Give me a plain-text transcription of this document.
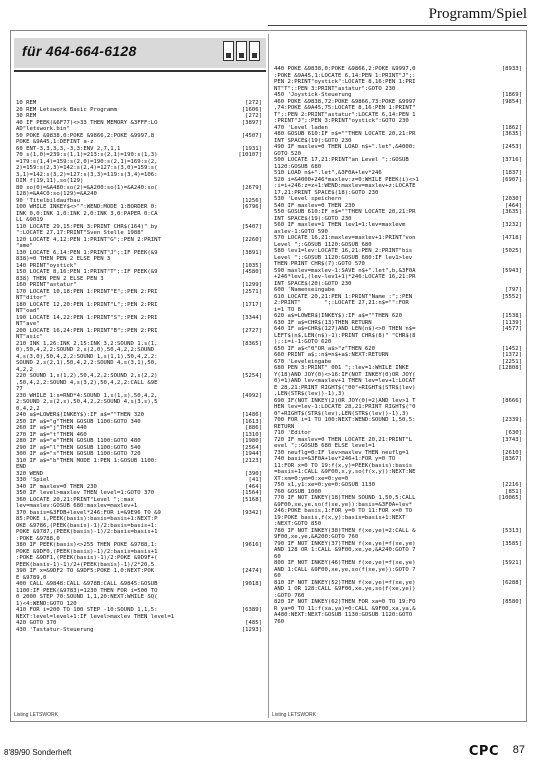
Programm/Spiel
für 464-664-6128
10 REM	[272]
20 REM Letswork Basic Programm	[1606]
30 REM	[272]
40 IF PEEK(&6F77)<>33 THEN MEMORY &3FFF:LO	[3897]
AD"letswork.bin"
50 POKE &9838,0:POKE &9866,2:POKE &9997,8	[4507]
POKE &9A45,1:DEFINT a-z
60 ENT-3,3,3,3,-3,3:ENV 2,7,1,1	[1931]
70 s(1,0)=239:s(1,1)=213:s(2,1)=190:s(1,3)	[10107]
=179:s(1,4)=159:s(2,0)=190:s(2,1)=169:s(2,
2)=159:s(2,3)=142:s(2,4)=127:s(3,0)=159:s(
3,1)=142:s(3,2)=127:s(3,3)=119:s(3,4)=106:
DIM f(19,11),so(129)
80 so(0)=&A480:so(2)=&A200:so(1)=&A240:so(	[2679]
128)=&A4C0:so(129)=&A240
90 'Titelbildaufbau	[1256]
100 WHILE INKEY$<>"":WEND:MODE 1:BORDER 0:	[6796]
INK 0,0:INK 1,0:INK 2,0:INK 3,0:PAPER 0:CA
LL &9019
110 LOCATE 29,15:PEN 3:PRINT CHR$(164)" by	[5407]
":LOCATE 27,17:PRINT"Sven Stelle 1988"
120 LOCATE 4,12:PEN 1:PRINT"G";:PEN 2:PRINT	[2260]
"ame"
130 LOCATE 6,14:PEN 1:PRINT"J";:IF PEEK(&9	[3891]
838)=0 THEN PEN 2 ELSE PEN 3
140 PRINT"oystick"	[1035]
150 LOCATE 8,16:PEN 1:PRINT"T";:IF PEEK(&9	[4580]
838) THEN PEN 2 ELSE PEN 3
160 PRINT"astatur"	[1299]
170 LOCATE 10,18:PEN 1:PRINT"E";:PEN 2:PRI	[2571]
NT"ditor"
180 LOCATE 12,20:PEN 1:PRINT"L";:PEN 2:PRI	[1717]
NT"oad"
190 LOCATE 14,22:PEN 1:PRINT"S";:PEN 2:PRI	[3344]
NT"ave"
200 LOCATE 16,24:PEN 1:PRINT"B";:PEN 2:PRI	[2727]
NT"asic"
210 INK 1,26:INK 2,15:INK 3,2:SOUND 1,s(1,	[8365]
0),50,4,2,2:SOUND 2,s(2,0),50,4,2,2:SOUND
4,s(3,0),50,4,2,2:SOUND 1,s(1,1),50,4,2,2:
SOUND 2,s(2,1),50,4,2,2:SOUND 4,s(3,1),50,
4,2,2
220 SOUND 1,s(1,2),50,4,2,2:SOUND 2,s(2,2)	[5254]
,50,4,2,2:SOUND 4,s(3,2),50,4,2,2:CALL &9E
77
230 WHILE 1:s=RND*4:SOUND 1,s(1,s),50,4,2,	[4992]
2:SOUND 2,s(2,s),50,4,2,2:SOUND 4,s(3,s),5
0,4,2,2
240 a$=LOWER$(INKEY$):IF a$=""THEN 320	[1486]
250 IF a$="g"THEN GOSUB 1100:GOTO 340	[1613]
260 IF a$="j"THEN 440	[886]
270 IF a$="t"THEN 460	[1310]
280 IF a$="e"THEN GOSUB 1100:GOTO 480	[1980]
290 IF a$="l"THEN GOSUB 1100:GOTO 540	[2564]
300 IF a$="s"THEN GOSUB 1100:GOTO 720	[1944]
310 IF a$="b"THEN MODE 1:PEN 1:GOSUB 1100:	[2123]
END
320 WEND	[390]
330 'Spiel	[41]
340 IF maxlev=0 THEN 230	[464]
350 IF level>maxlev THEN level=1:GOTO 370	[1564]
360 LOCATE 20,21:PRINT"Level ";:max	[5168]
lev=maxlev:GOSUB 680:maxlev=maxlev+1
370 basis=&3FDB+level*246:FOR i=&9E96 TO &9	[9342]
85:POKE i,PEEK(basis):basis=basis+1:NEXT:P
OKE &9786,(PEEK(basis)-1)/2:basis=basis+1:
POKE &9787,(PEEK(basis)-1)/2:basis=basis+1
:POKE &9788,0
380 IF PEEK(basis)<>255 THEN POKE &9788,1:	[9616]
POKE &9DF0,(PEEK(basis)-1)/2:basis=basis+1
:POKE &9DF1,(PEEK(basis)-1)/2:POKE &9D9F+(
PEEK(basis-1)-1)/2+(PEEK(basis)-1)/2*20,5
390 IF x=&9DF2 TO &9DF5:POKE 1,0:NEXT:POK	[2474]
E &9789,0
400 CALL &9848:CALL &978B:CALL &9845:GOSUB	[9018]
1100:IF PEEK(&9783)=1230 THEN FOR i=500 TO
0 2000 STEP 70:SOUND 1,1,20:NEXT:WHILE SQ(
1)<4:WEND:GOTO 120
410 FOR i=200 TO 100 STEP -10:SOUND 1,1,5:	[6389]
NEXT:level=level+1:IF level>maxlev THEN level=1
420 GOTO 370	[485]
430 'Tastatur-Steuerung	[1293]
440 POKE &9838,0:POKE &9866,2:POKE &9997,0	[8933]
:POKE &9A45,1:LOCATE 6,14:PEN 1:PRINT"J";:
PEN 2:PRINT"oystick":LOCATE 8,16:PEN 1:PRI
NT"T";:PEN 3:PRINT"astatur":GOTO 230
450 'Joystick-Steuerung	[1869]
460 POKE &9838,72:POKE &9866,73:POKE &9997	[9854]
,74:POKE &9A45,75:LOCATE 8,16:PEN 1:PRINT"
T";:PEN 2:PRINT"astatur":LOCATE 6,14:PEN 1
:PRINT"J";:PEN 3:PRINT"oystick":GOTO 230
470 'Level laden	[1862]
480 GOSUB 610:IF n$=""THEN LOCATE 20,21:PR	[3635]
INT SPACE$(19):GOTO 230
490 IF maxlev=0 THEN LOAD n$+".let",&4000:	[2453]
GOTO 520
500 LOCATE 17,21:PRINT"an Level ";:GOSUB	[3716]
1120:GOSUB 680
510 LOAD n$+".let",&3F0A+lev*246	[1837]
520 i=&4000+246*maxlev:z=0:WHILE PEEK(i)<>1	[6907]
:i=i+246:z=z+1:WEND:maxlev=maxlev+z:LOCATE
17,21:PRINT SPACE$(18):GOTO 230
530 'Level speichern	[2030]
540 IF maxlev=0 THEN 230	[464]
550 GOSUB 610:IF n$=""THEN LOCATE 20,21:PR	[3635]
INT SPACE$(19):GOTO 230
560 IF maxlev=1 THEN lev1=1:lev=maxlevm	[3232]
axlev-1:GOTO 590
570 LOCATE 16,21:maxlev=maxlev+1:PRINT"von	[4718]
Level ";:GOSUB 1120:GOSUB 680
580 lev1=lev:LOCATE 16,21:PEN 2:PRINT"bis	[5025]
Level ";:GOSUB 1120:GOSUB 680:IF lev1>lev
THEN PRINT CHR$(7):GOTO 570
590 maxlev=maxlev-1:SAVE n$+".let",b,&3F0A	[5943]
+246*lev1,(lev-lev1+1)*246:LOCATE 16,21:PR
INT SPACE$(20):GOTO 230
600 'Namenseingabe	[797]
610 LOCATE 20,21:PEN 1:PRINT"Name :";:PEN	[5552]
2:PRINT"       ";:LOCATE 27,21:n$="":FOR
i=1 TO 8
620 a$=LOWER$(INKEY$):IF a$=""THEN 620	[1538]
630 IF a$=CHR$(13)THEN RETURN	[1139]
640 IF a$=CHR$(127)AND LEN(n$)<>0 THEN n$=	[4577]
LEFT$(n$,LEN(n$)-1):PRINT CHR$(8)" "CHR$(8
);:i=i-1:GOTO 620
650 IF a$<"0"OR a$>"z"THEN 620	[1452]
660 PRINT a$;:n$=n$+a$:NEXT:RETURN	[1372]
670 'Leveleingabe	[2251]
680 PEN 3:PRINT" 001 ";:lev=1:WHILE INKE	[12808]
Y(18)AND JOY(0)<>16:IF(NOT INKEY(0)OR JOY(
0)=1)AND lev<maxlev+1 THEN lev=lev+1:LOCAT
E 28,21:PRINT RIGHT$("00"+RIGHT$(STR$(lev)
,LEN(STR$(lev))-1),3)
690 IF(NOT INKEY(2)OR JOY(0)=2)AND lev>1 T	[8666]
HEN lev=lev-1:LOCATE 28,21:PRINT RIGHT$("0
0"+RIGHT$(STR$(lev),LEN(STR$(lev))-1),3)
700 FOR i=1 TO 100:NEXT:WEND:SOUND 1,50,5:	[2339]
RETURN
710 'Editor	[630]
720 IF maxlev=0 THEN LOCATE 20,21:PRINT"L	[3743]
evel ";:GOSUB 680 ELSE level=1
730 neuflg=0:IF lev>maxlev THEN neuflg=1	[2610]
740 basis=&3F0A+lev*246+1:FOR y=0 TO	[8367]
11:FOR x=0 TO 19:f(x,y)=PEEK(basis):basis
=basis+1:CALL &9F00,x,y,so(f(x,y)):NEXT:NE
XT:xm=0:ym=0:xe=0:ye=0
750 x1,y1:xe=0:ye=0:GOSUB 1130	[2216]
760 GOSUB 1000	[851]
770 IF NOT INKEY(18)THEN SOUND 1,50,5:CALL	[10065]
&9F00,xe,ye,so(f(xe,ye)):basis=&3F0A+lev*
246:POKE basis,1:FOR y=0 TO 11:FOR x=0 TO
19:POKE basis,f(x,y):basis=basis+1:NEXT
:NEXT:GOTO 850
780 IF NOT INKEY(38)THEN f(xe,ye)=2:CALL &	[5313]
9F00,xe,ye,&A200:GOTO 760
790 IF NOT INKEY(37)THEN f(xe,ye)=f(xe,ye)	[3585]
AND 128 OR 1:CALL &9F00,xe,ye,&A240:GOTO 7
60
800 IF NOT INKEY(46)THEN f(xe,ye)=f(xe,ye)	[5921]
AND 1:CALL &9F00,xe,ye,so(f(xe,ye)):GOTO 7
60
810 IF NOT INKEY(52)THEN f(xe,ye)=f(xe,ye)	[6288]
AND 1 OR 128:CALL &9F00,xe,ye,so(f(xe,ye))
:GOTO 760
820 IF NOT INKEY(62)THEN FOR xa=0 TO 19:FO	[8580]
R ya=0 TO 11:f(xa,ya)=0:CALL &9F00,xa,ya,&
A480:NEXT:NEXT:GOSUB 1130:GOSUB 1120:GOTO
760
Listing LETSWORK	Listing LETSWORK
8'89/90 Sonderheft	CPC 87
